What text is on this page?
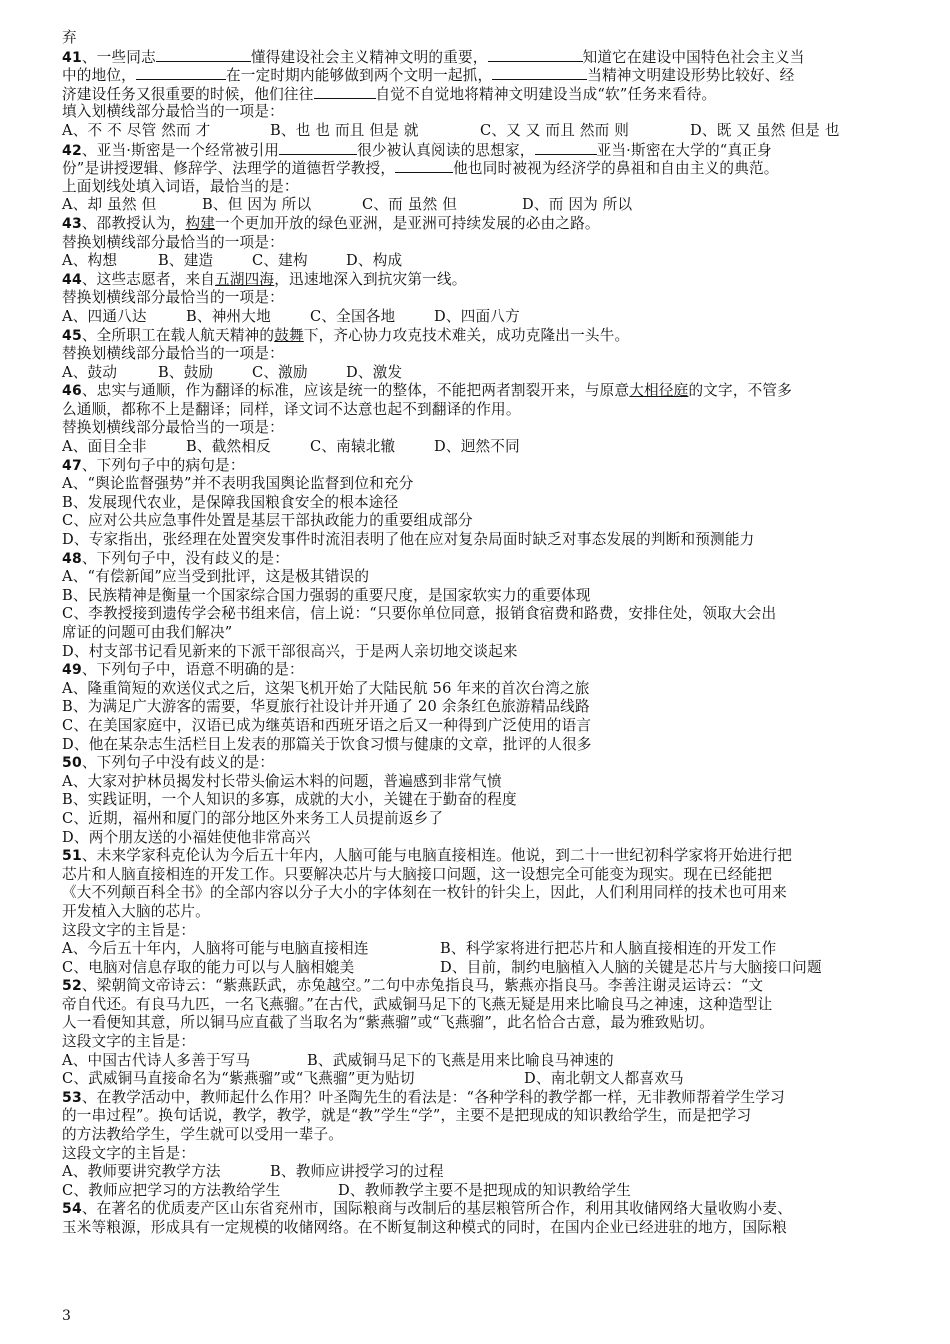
弃
41、一些同志	懂得建设社会主义精神文明的重要，	知道它在建设中国特色社会主义当
中的地位，	在一定时期内能够做到两个文明一起抓，	当精神文明建设形势比较好、经
济建设任务又很重要的时候，他们往往	自觉不自觉地将精神文明建设当成“软”任务来看待。
填入划横线部分最恰当的一项是：
A、不 不 尽管 然而 才	B、也 也 而且 但是 就	C、又 又 而且 然而 则	D、既 又 虽然 但是 也
42、亚当·斯密是一个经常被引用	很少被认真阅读的思想家，	亚当·斯密在大学的“真正身
份”是讲授逻辑、修辞学、法理学的道德哲学教授，	他也同时被视为经济学的鼻祖和自由主义的典范。
上面划线处填入词语，最恰当的是：
A、却 虽然 但	B、但 因为 所以	C、而 虽然 但	D、而 因为 所以
43、邵教授认为，构建一个更加开放的绿色亚洲，是亚洲可持续发展的必由之路。
替换划横线部分最恰当的一项是：
A、构想	B、建造	C、建构	D、构成
44、这些志愿者，来自五湖四海，迅速地深入到抗灾第一线。
替换划横线部分最恰当的一项是：
A、四通八达	B、神州大地	C、全国各地	D、四面八方
45、全所职工在载人航天精神的鼓舞下，齐心协力攻克技术难关，成功克隆出一头牛。
替换划横线部分最恰当的一项是：
A、鼓动	B、鼓励	C、激励	D、激发
46、忠实与通顺，作为翻译的标准，应该是统一的整体，不能把两者割裂开来，与原意大相径庭的文字，不管多
么通顺，都称不上是翻译；同样，译文词不达意也起不到翻译的作用。
替换划横线部分最恰当的一项是：
A、面目全非	B、截然相反	C、南辕北辙	D、迥然不同
47、下列句子中的病句是：
A、“舆论监督强势”并不表明我国舆论监督到位和充分
B、发展现代农业，是保障我国粮食安全的根本途径
C、应对公共应急事件处置是基层干部执政能力的重要组成部分
D、专家指出，张经理在处置突发事件时流泪表明了他在应对复杂局面时缺乏对事态发展的判断和预测能力
48、下列句子中，没有歧义的是：
A、“有偿新闻”应当受到批评，这是极其错误的
B、民族精神是衡量一个国家综合国力强弱的重要尺度，是国家软实力的重要体现
C、李教授接到遗传学会秘书组来信，信上说：“只要你单位同意，报销食宿费和路费，安排住处，领取大会出
席证的问题可由我们解决”
D、村支部书记看见新来的下派干部很高兴，于是两人亲切地交谈起来
49、下列句子中，语意不明确的是：
A、隆重简短的欢送仪式之后，这架飞机开始了大陆民航 56 年来的首次台湾之旅
B、为满足广大游客的需要，华夏旅行社设计并开通了 20 余条红色旅游精品线路
C、在美国家庭中，汉语已成为继英语和西班牙语之后又一种得到广泛使用的语言
D、他在某杂志生活栏目上发表的那篇关于饮食习惯与健康的文章，批评的人很多
50、下列句子中没有歧义的是：
A、大家对护林员揭发村长带头偷运木料的问题，普遍感到非常气愤
B、实践证明，一个人知识的多寡，成就的大小，关键在于勤奋的程度
C、近期，福州和厦门的部分地区外来务工人员提前返乡了
D、两个朋友送的小福娃使他非常高兴
51、未来学家科克伦认为今后五十年内，人脑可能与电脑直接相连。他说，到二十一世纪初科学家将开始进行把
芯片和人脑直接相连的开发工作。只要解决芯片与大脑接口问题，这一设想完全可能变为现实。现在已经能把
《大不列颠百科全书》的全部内容以分子大小的字体刻在一枚针的针尖上，因此，人们利用同样的技术也可用来
开发植入大脑的芯片。
这段文字的主旨是：
A、今后五十年内，人脑将可能与电脑直接相连	B、科学家将进行把芯片和人脑直接相连的开发工作
C、电脑对信息存取的能力可以与人脑相媲美	D、目前，制约电脑植入人脑的关键是芯片与大脑接口问题
52、梁朝简文帝诗云：“紫燕跃武，赤兔越空。”二句中赤兔指良马，紫燕亦指良马。李善注谢灵运诗云：“文
帝自代还。有良马九匹，一名飞燕骝。”在古代，武威铜马足下的飞燕无疑是用来比喻良马之神速，这种造型让
人一看便知其意，所以铜马应直截了当取名为“紫燕骝”或“飞燕骝”，此名恰合古意，最为雅致贴切。
这段文字的主旨是：
A、中国古代诗人多善于写马	B、武威铜马足下的飞燕是用来比喻良马神速的
C、武威铜马直接命名为“紫燕骝”或“飞燕骝”更为贴切	D、南北朝文人都喜欢马
53、在教学活动中，教师起什么作用？叶圣陶先生的看法是：“各种学科的教学都一样，无非教师帮着学生学习
的一串过程”。换句话说，教学，教学，就是“教”学生“学”，主要不是把现成的知识教给学生，而是把学习
的方法教给学生，学生就可以受用一辈子。
这段文字的主旨是：
A、教师要讲究教学方法	B、教师应讲授学习的过程
C、教师应把学习的方法教给学生	D、教师教学主要不是把现成的知识教给学生
54、在著名的优质麦产区山东省兖州市，国际粮商与改制后的基层粮管所合作，利用其收储网络大量收购小麦、
玉米等粮源，形成具有一定规模的收储网络。在不断复制这种模式的同时，在国内企业已经进驻的地方，国际粮
3
